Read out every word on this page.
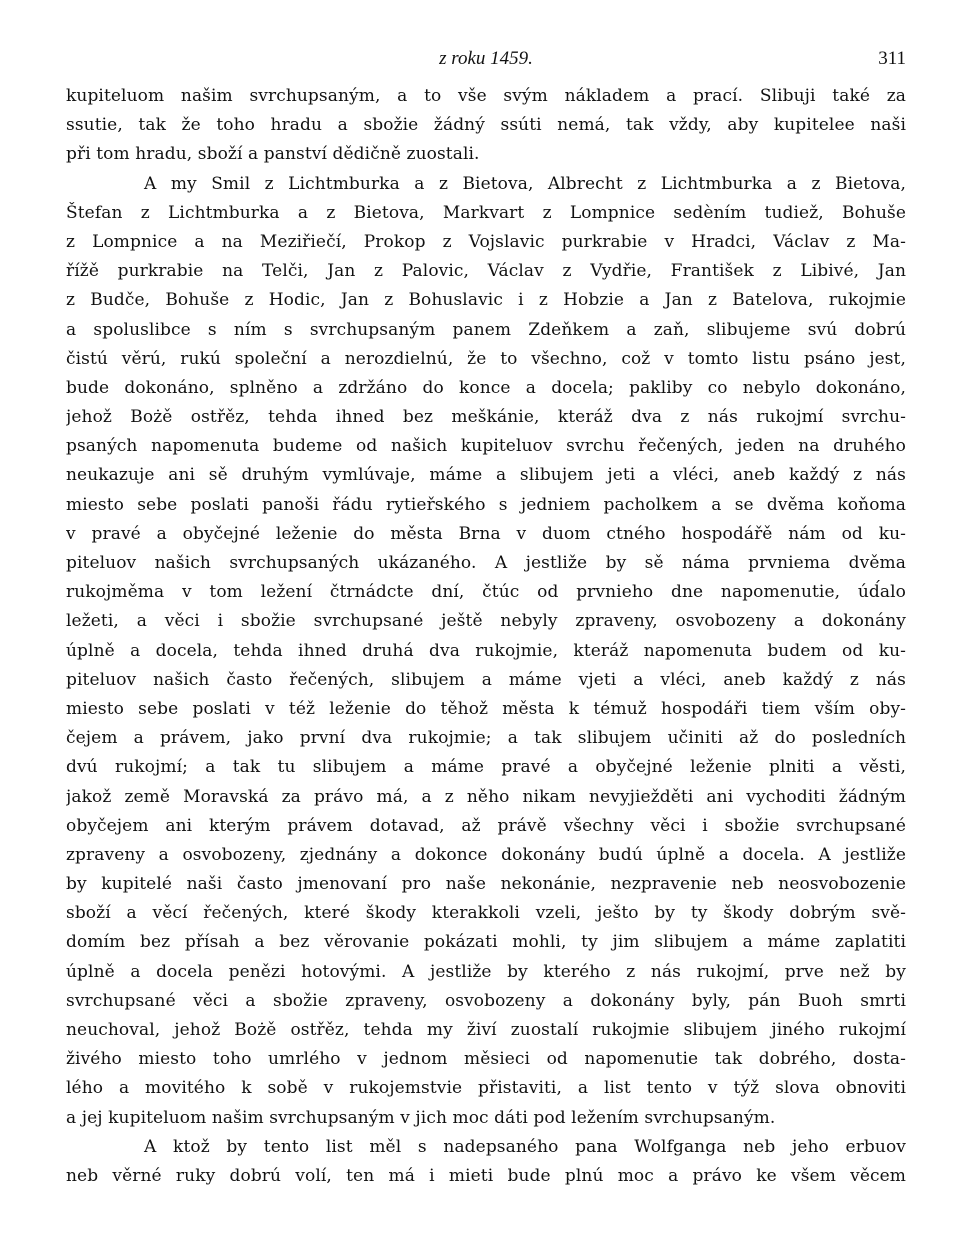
z roku 1459.	311
kupiteluom našim svrchupsaným, a to vše svým nákladem a prací. Slibuji také za
ssutie, tak že toho hradu a sbožie žádný ssúti nemá, tak vždy, aby kupitelee naši
při tom hradu, sboží a panství dědičně zuostali.
A my Smil z Lichtmburka a z Bietova, Albrecht z Lichtmburka a z Bietova,
Štefan z Lichtmburka a z Bietova, Markvart z Lompnice sedèním tudiež, Bohuše
z Lompnice a na Meziřiečí, Prokop z Vojslavic purkrabie v Hradci, Václav z Ma-
řížě purkrabie na Telči, Jan z Palovic, Václav z Vydřie, František z Libivé, Jan
z Budče, Bohuše z Hodic, Jan z Bohuslavic i z Hobzie a Jan z Batelova, rukojmie
a spoluslibce s ním s svrchupsaným panem Zdeňkem a zaň, slibujeme svú dobrú
čistú věrú, rukú společní a nerozdielnú, že to všechno, což v tomto listu psáno jest,
bude dokonáno, splněno a zdržáno do konce a docela; pakliby co nebylo dokonáno,
jehož Bożě ostřěz, tehda ihned bez meškánie, kteráž dva z nás rukojmí svrchu-
psaných napomenuta budeme od našich kupiteluov svrchu řečených, jeden na druhého
neukazuje ani sě druhým vymlúvaje, máme a slibujem jeti a vléci, aneb každý z nás
miesto sebe poslati panoši řádu rytieřského s jedniem pacholkem a se dvěma koňoma
v pravé a obyčejné leženie do města Brna v duom ctného hospodářě nám od ku-
piteluov našich svrchupsaných ukázaného. A jestliže by sě náma prvniema dvěma
rukojměma v tom ležení čtrnádcte dní, čtúc od prvnieho dne napomenutie, úd́alo
ležeti, a věci i sbožie svrchupsané ještě nebyly zpraveny, osvobozeny a dokonány
úplně a docela, tehda ihned druhá dva rukojmie, kteráž napomenuta budem od ku-
piteluov našich často řečených, slibujem a máme vjeti a vléci, aneb každý z nás
miesto sebe poslati v též leženie do těhož města k témuž hospodáři tiem vším oby-
čejem a právem, jako první dva rukojmie; a tak slibujem učiniti až do posledních
dvú rukojmí; a tak tu slibujem a máme pravé a obyčejné leženie plniti a věsti,
jakož země Moravská za právo má, a z něho nikam nevyjiežděti ani vychoditi žádným
obyčejem ani kterým právem dotavad, až právě všechny věci i sbožie svrchupsané
zpraveny a osvobozeny, zjednány a dokonce dokonány budú úplně a docela. A jestliže
by kupitelé naši často jmenovaní pro naše nekonánie, nezpravenie neb neosvobozenie
sboží a věcí řečených, které škody kterakkoli vzeli, ješto by ty škody dobrým svě-
domím bez přísah a bez věrovanie pokázati mohli, ty jim slibujem a máme zaplatiti
úplně a docela penězi hotovými. A jestliže by kterého z nás rukojmí, prve než by
svrchupsané věci a sbožie zpraveny, osvobozeny a dokonány byly, pán Buoh smrti
neuchoval, jehož Bożě ostřěz, tehda my živí zuostalí rukojmie slibujem jiného rukojmí
živého miesto toho umrlého v jednom měsieci od napomenutie tak dobrého, dosta-
lého a movitého k sobě v rukojemstvie přistaviti, a list tento v týž slova obnoviti
a jej kupiteluom našim svrchupsaným v jich moc dáti pod ležením svrchupsaným.
A ktož by tento list měl s nadepsaného pana Wolfganga neb jeho erbuov
neb věrné ruky dobrú volí, ten má i mieti bude plnú moc a právo ke všem věcem
